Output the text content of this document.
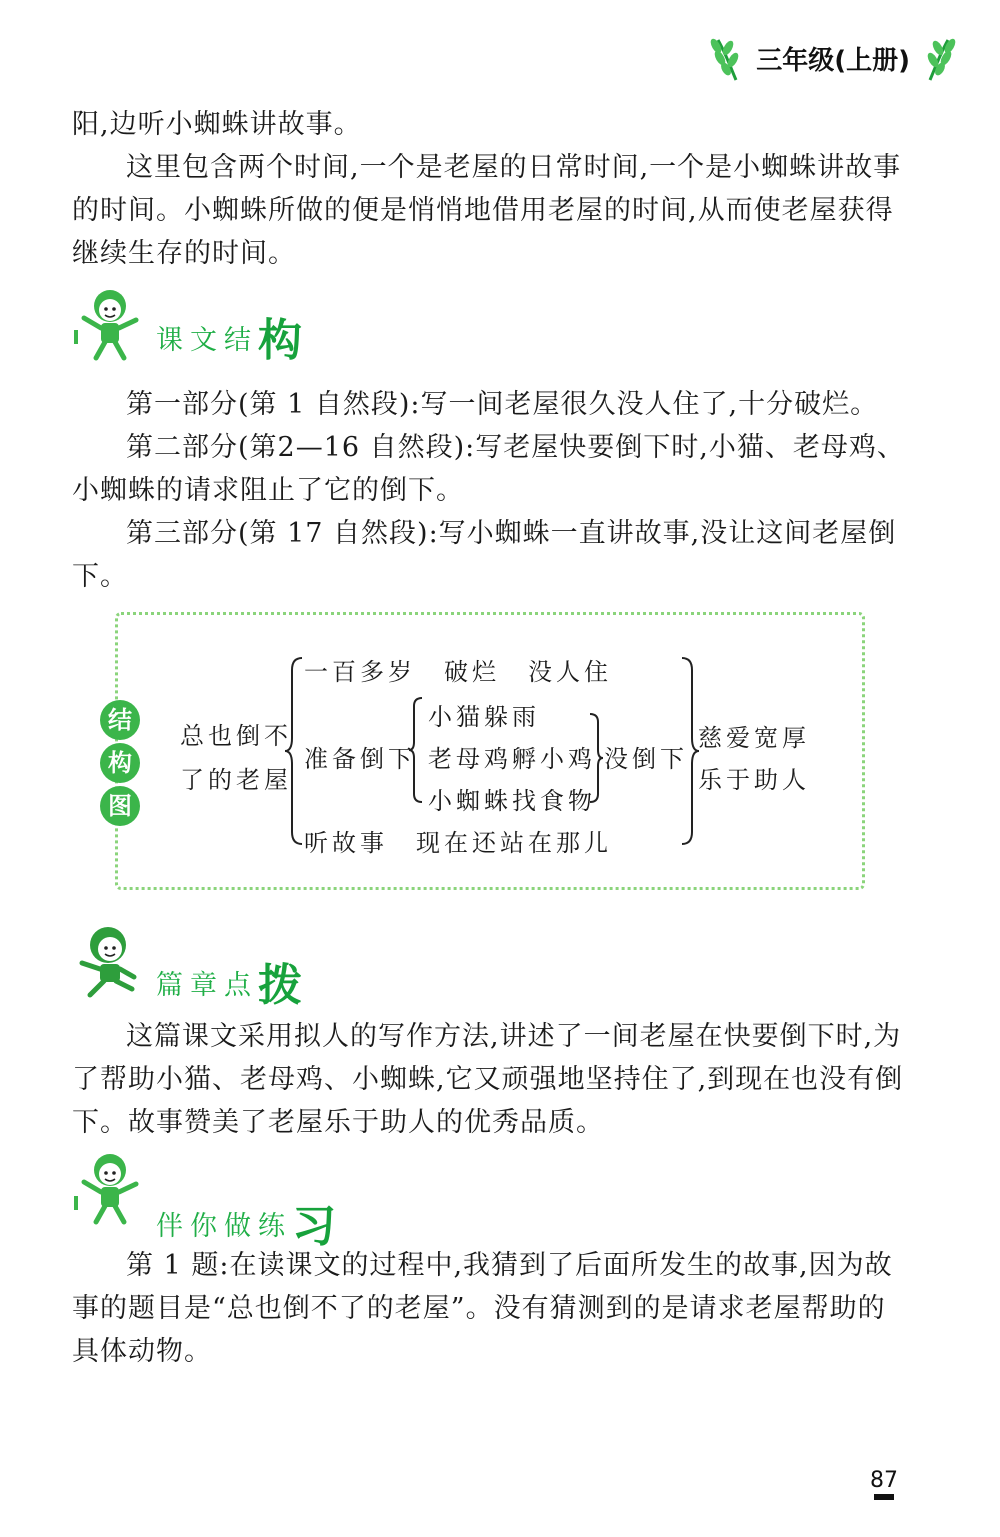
三年级(上册)

阳,边听小蜘蛛讲故事。

这里包含两个时间,一个是老屋的日常时间,一个是小蜘蛛讲故事的时间。小蜘蛛所做的便是悄悄地借用老屋的时间,从而使老屋获得继续生存的时间。

课文结构

第一部分(第 1 自然段):写一间老屋很久没人住了,十分破烂。

第二部分(第2—16 自然段):写老屋快要倒下时,小猫、老母鸡、小蜘蛛的请求阻止了它的倒下。

第三部分(第 17 自然段):写小蜘蛛一直讲故事,没让这间老屋倒下。

结
构
图
总也倒不
了的老屋
一百多岁　破烂　没人住
准备倒下
小猫躲雨
老母鸡孵小鸡
小蜘蛛找食物
没倒下
听故事　现在还站在那儿
慈爱宽厚
乐于助人
篇章点拨

这篇课文采用拟人的写作方法,讲述了一间老屋在快要倒下时,为了帮助小猫、老母鸡、小蜘蛛,它又顽强地坚持住了,到现在也没有倒下。故事赞美了老屋乐于助人的优秀品质。

伴你做练习

第 1 题:在读课文的过程中,我猜到了后面所发生的故事,因为故事的题目是“总也倒不了的老屋”。没有猜测到的是请求老屋帮助的具体动物。

87
